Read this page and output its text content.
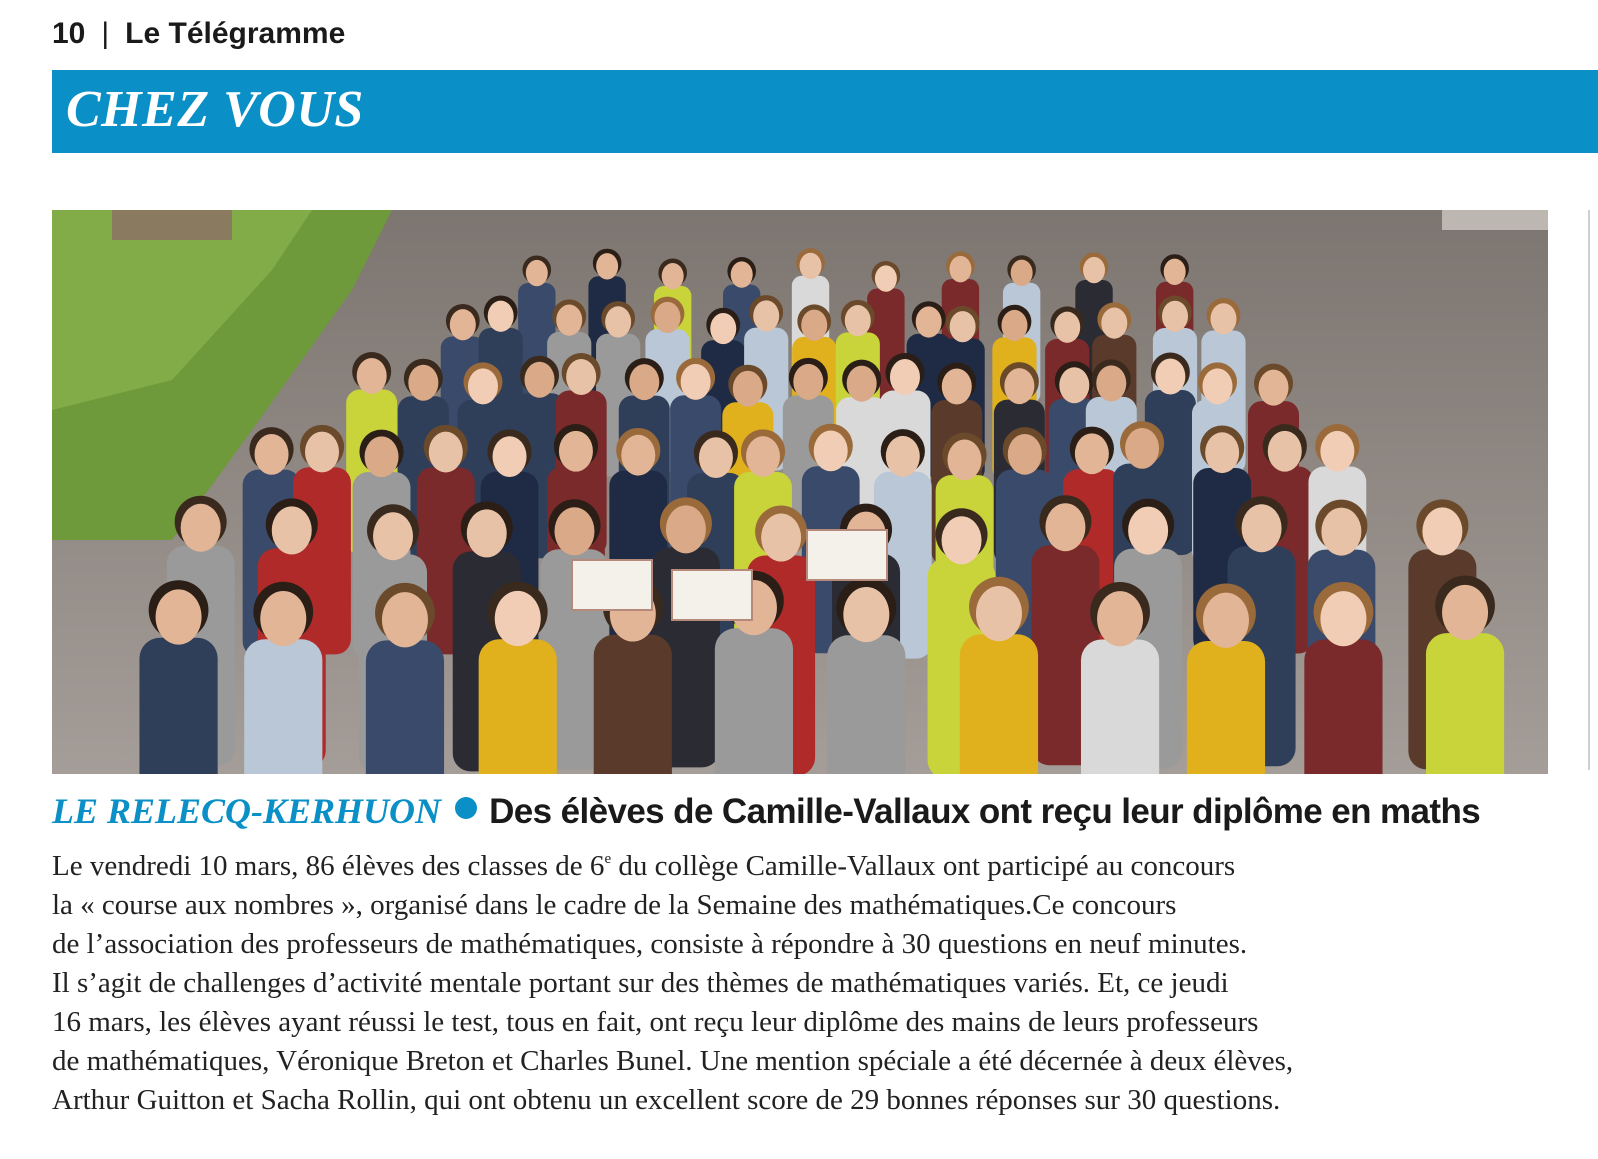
10 | Le Télégramme
CHEZ VOUS
LE RELECQ-KERHUON Des élèves de Camille-Vallaux ont reçu leur diplôme en maths
Le vendredi 10 mars, 86 élèves des classes de 6e du collège Camille-Vallaux ont participé au concours
la « course aux nombres », organisé dans le cadre de la Semaine des mathématiques.Ce concours
de l’association des professeurs de mathématiques, consiste à répondre à 30 questions en neuf minutes.
Il s’agit de challenges d’activité mentale portant sur des thèmes de mathématiques variés. Et, ce jeudi
16 mars, les élèves ayant réussi le test, tous en fait, ont reçu leur diplôme des mains de leurs professeurs
de mathématiques, Véronique Breton et Charles Bunel. Une mention spéciale a été décernée à deux élèves,
Arthur Guitton et Sacha Rollin, qui ont obtenu un excellent score de 29 bonnes réponses sur 30 questions.
